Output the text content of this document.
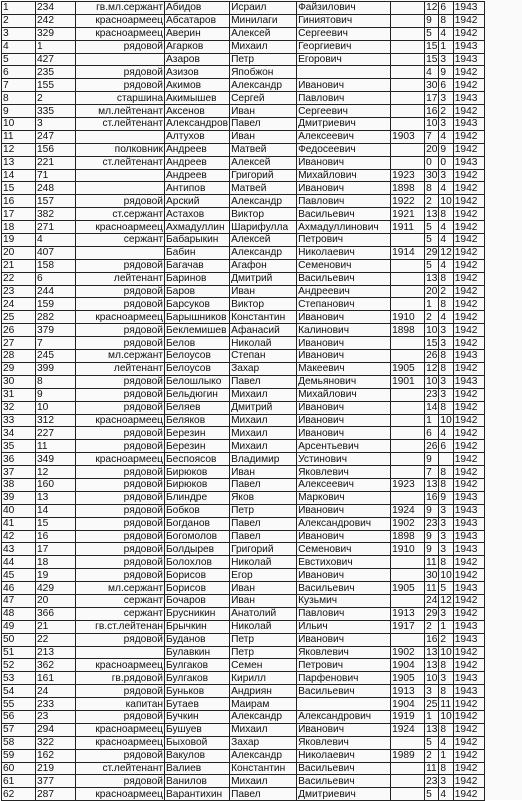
1	234	гв.мл.сержант	Абидов	Исраил	Файзилович		12	6	1943
2	242	красноармеец	Абсатаров	Минилаги	Гиниятович		9	8	1942
3	329	красноармеец	Аверин	Алексей	Сергеевич		5	4	1942
4	1	рядовой	Агарков	Михаил	Георгиевич		15	1	1943
5	427		Азаров	Петр	Егорович		15	3	1943
6	235	рядовой	Азизов	Япобжон			4	9	1942
7	155	рядовой	Акимов	Александр	Иванович		30	6	1942
8	2	старшина	Акимышев	Сергей	Павлович		17	3	1943
9	335	мл.лейтенант	Аксенов	Иван	Сергеевич		16	2	1942
10	3	ст.лейтенант	Александров	Павел	Дмитриевич		10	3	1943
11	247		Алтухов	Иван	Алексеевич	1903	7	4	1942
12	156	полковник	Андреев	Матвей	Федосеевич		20	9	1942
13	221	ст.лейтенант	Андреев	Алексей	Иванович		0	0	1943
14	71		Андреев	Григорий	Михайлович	1923	30	3	1942
15	248		Антипов	Матвей	Иванович	1898	8	4	1942
16	157	рядовой	Арский	Александр	Павлович	1922	2	10	1942
17	382	ст.сержант	Астахов	Виктор	Васильевич	1921	13	8	1942
18	271	красноармеец	Ахмадуллин	Шарифулла	Ахмадуллинович	1911	5	4	1942
19	4	сержант	Бабарыкин	Алексей	Петрович		5	4	1942
20	407		Бабин	Александр	Николаевич	1914	29	12	1942
21	158	рядовой	Багачав	Агафон	Семенович		5	4	1942
22	6	лейтенант	Баринов	Дмитрий	Васильевич		13	8	1942
23	244	рядовой	Баров	Иван	Андреевич		20	2	1942
24	159	рядовой	Барсуков	Виктор	Степанович		1	8	1942
25	282	красноармеец	Барышников	Константин	Иванович	1910	2	4	1942
26	379	рядовой	Беклемишев	Афанасий	Калинович	1898	10	3	1942
27	7	рядовой	Белов	Николай	Иванович		15	3	1942
28	245	мл.сержант	Белоусов	Степан	Иванович		26	8	1943
29	399	лейтенант	Белоусов	Захар	Макеевич	1905	12	8	1942
30	8	рядовой	Белошлыко	Павел	Демьянович	1901	10	3	1943
31	9	рядовой	Бельдюгин	Михаил	Михайлович		23	3	1942
32	10	рядовой	Беляев	Дмитрий	Иванович		14	8	1942
33	312	красноармеец	Беляков	Михаил	Иванович		1	10	1942
34	227	рядовой	Березин	Михаил	Иванович		6	4	1942
35	11	рядовой	Березин	Михаил	Арсентьевич		26	6	1942
36	349	красноармеец	Беспоясов	Владимир	Устинович		9		1942
37	12	рядовой	Бирюков	Иван	Яковлевич		7	8	1942
38	160	рядовой	Бирюков	Павел	Алексеевич	1923	13	8	1942
39	13	рядовой	Блиндре	Яков	Маркович		16	9	1943
40	14	рядовой	Бобков	Петр	Иванович	1924	9	3	1943
41	15	рядовой	Богданов	Павел	Александрович	1902	23	3	1943
42	16	рядовой	Богомолов	Павел	Иванович	1898	9	3	1943
43	17	рядовой	Болдырев	Григорий	Семенович	1910	9	3	1943
44	18	рядовой	Болохлов	Николай	Евстихович		11	8	1942
45	19	рядовой	Борисов	Егор	Иванович		30	10	1942
46	429	мл.сержант	Борисов	Иван	Васильевич	1905	11	5	1943
47	20	сержант	Бочаров	Иван	Кузьмич		24	12	1942
48	366	сержант	Брусникин	Анатолий	Павлович	1913	29	3	1942
49	21	гв.ст.лейтенан	Брычкин	Николай	Ильич	1917	2	1	1943
50	22	рядовой	Буданов	Петр	Иванович		16	2	1943
51	213		Булавкин	Петр	Яковлевич	1902	13	10	1942
52	362	красноармеец	Булгаков	Семен	Петрович	1904	13	8	1942
53	161	гв.рядовой	Булгаков	Кирилл	Парфенович	1905	10	3	1943
54	24	рядовой	Буньков	Андриян	Васильевич	1913	3	8	1943
55	233	капитан	Бутаев	Маирам		1904	25	11	1942
56	23	рядовой	Бучкин	Александр	Александрович	1919	1	10	1942
57	294	красноармеец	Бушуев	Михаил	Иванович	1924	13	8	1942
58	322	красноармеец	Быховой	Захар	Яковлевич		5	4	1942
59	162	рядовой	Вакулов	Александр	Николаевич	1989	2	1	1942
60	219	ст.лейтенант	Валиев	Константин	Васильевич		11	8	1942
61	377	рядовой	Ванилов	Михаил	Васильевич		23	3	1942
62	287	красноармеец	Варантихин	Павел	Дмитриевич		5	4	1942
